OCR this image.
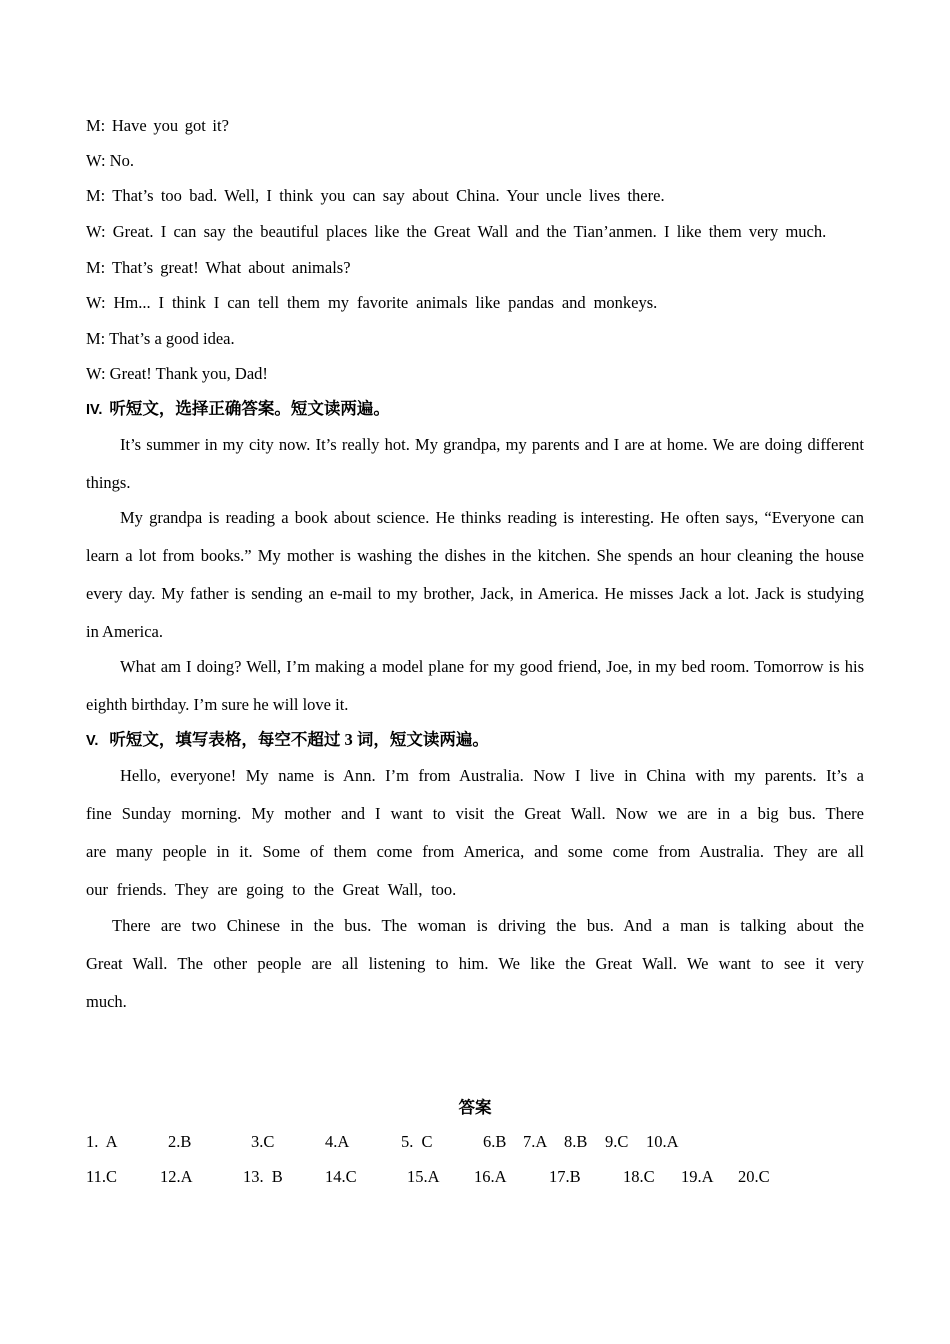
M: Have you got it?
W: No.
M: That’s too bad. Well, I think you can say about China. Your uncle lives there.
W: Great. I can say the beautiful places like the Great Wall and the Tian’anmen. I like them very much.
M: That’s great! What about animals?
W: Hm... I think I can tell them my favorite animals like pandas and monkeys.
M: That’s a good idea.
W: Great! Thank you, Dad!
IV. 听短文，选择正确答案。短文读两遍。
It’s summer in my city now. It’s really hot. My grandpa, my parents and I are at home. We are doing different
things.
My grandpa is reading a book about science. He thinks reading is interesting. He often says, “Everyone can
learn a lot from books.” My mother is washing the dishes in the kitchen. She spends an hour cleaning the house
every day. My father is sending an e-mail to my brother, Jack, in America. He misses Jack a lot. Jack is studying
in America.
What am I doing? Well, I’m making a model plane for my good friend, Joe, in my bed room. Tomorrow is his
eighth birthday. I’m sure he will love it.
V. 听短文，填写表格，每空不超过 3 词，短文读两遍。
Hello, everyone! My name is Ann. I’m from Australia. Now I live in China with my parents. It’s a
fine Sunday morning. My mother and I want to visit the Great Wall. Now we are in a big bus. There
are many people in it. Some of them come from America, and some come from Australia. They are all
our friends. They are going to the Great Wall, too.
There are two Chinese in the bus. The woman is driving the bus. And a man is talking about the
Great Wall. The other people are all listening to him. We like the Great Wall. We want to see it very
much.
答案
1. A	2.B	3.C	4.A	5. C	6.B 7.A 8.B 9.C 10.A
11.C	12.A	13. B	14.C	15.A 16.A	17.B	18.C 19.A 20.C
